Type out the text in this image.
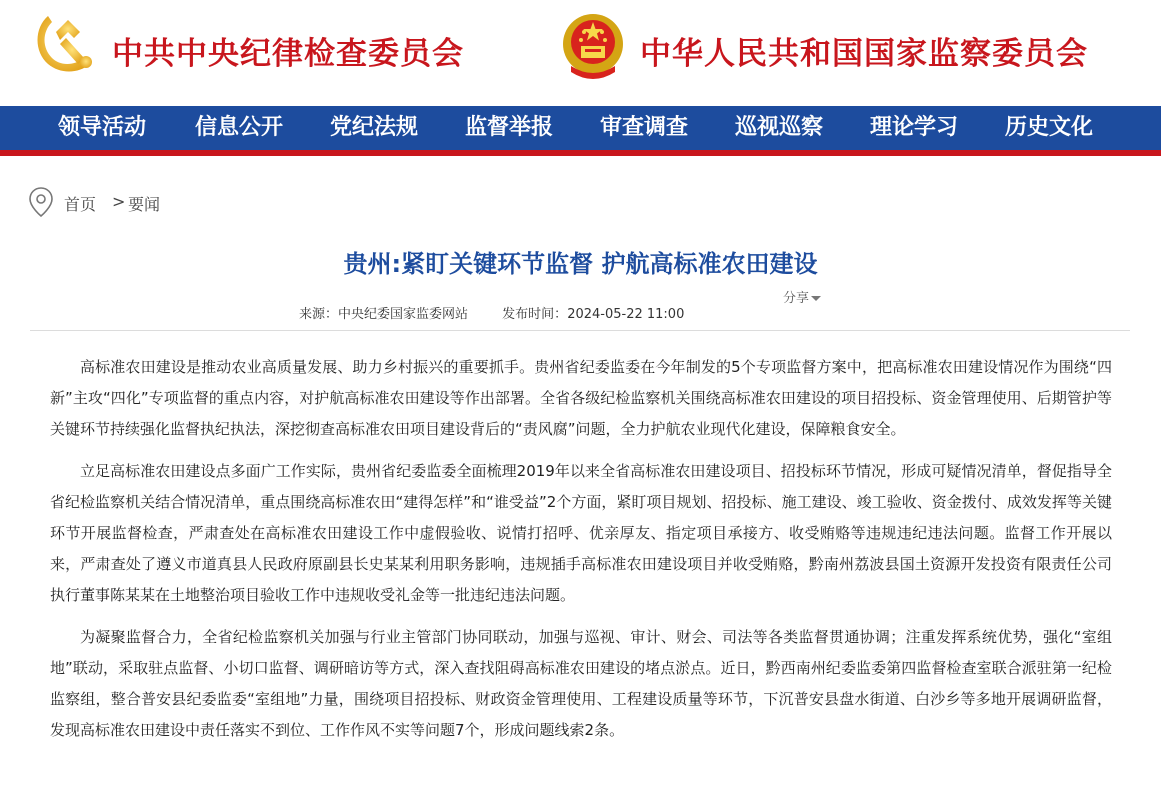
中共中央纪律检查委员会	中华人民共和国国家监察委员会
领导活动 信息公开 党纪法规 监督举报 审查调查 巡视巡察 理论学习 历史文化
首页 > 要闻
贵州:紧盯关键环节监督 护航高标准农田建设
分享
来源：中央纪委国家监委网站	发布时间：2024-05-22 11:00

高标准农田建设是推动农业高质量发展、助力乡村振兴的重要抓手。贵州省纪委监委在今年制发的5个专项监督方案中，把高标准农田建设情况作为围绕“四新”主攻“四化”专项监督的重点内容，对护航高标准农田建设等作出部署。全省各级纪检监察机关围绕高标准农田建设的项目招投标、资金管理使用、后期管护等关键环节持续强化监督执纪执法，深挖彻查高标准农田项目建设背后的“责风腐”问题，全力护航农业现代化建设，保障粮食安全。

立足高标准农田建设点多面广工作实际，贵州省纪委监委全面梳理2019年以来全省高标准农田建设项目、招投标环节情况，形成可疑情况清单，督促指导全省纪检监察机关结合情况清单，重点围绕高标准农田“建得怎样”和“谁受益”2个方面，紧盯项目规划、招投标、施工建设、竣工验收、资金拨付、成效发挥等关键环节开展监督检查，严肃查处在高标准农田建设工作中虚假验收、说情打招呼、优亲厚友、指定项目承接方、收受贿赂等违规违纪违法问题。监督工作开展以来，严肃查处了遵义市道真县人民政府原副县长史某某利用职务影响，违规插手高标准农田建设项目并收受贿赂，黔南州荔波县国土资源开发投资有限责任公司执行董事陈某某在土地整治项目验收工作中违规收受礼金等一批违纪违法问题。

为凝聚监督合力，全省纪检监察机关加强与行业主管部门协同联动，加强与巡视、审计、财会、司法等各类监督贯通协调；注重发挥系统优势，强化“室组地”联动，采取驻点监督、小切口监督、调研暗访等方式，深入查找阻碍高标准农田建设的堵点淤点。近日，黔西南州纪委监委第四监督检查室联合派驻第一纪检监察组，整合普安县纪委监委“室组地”力量，围绕项目招投标、财政资金管理使用、工程建设质量等环节，下沉普安县盘水街道、白沙乡等多地开展调研监督，发现高标准农田建设中责任落实不到位、工作作风不实等问题7个，形成问题线索2条。
